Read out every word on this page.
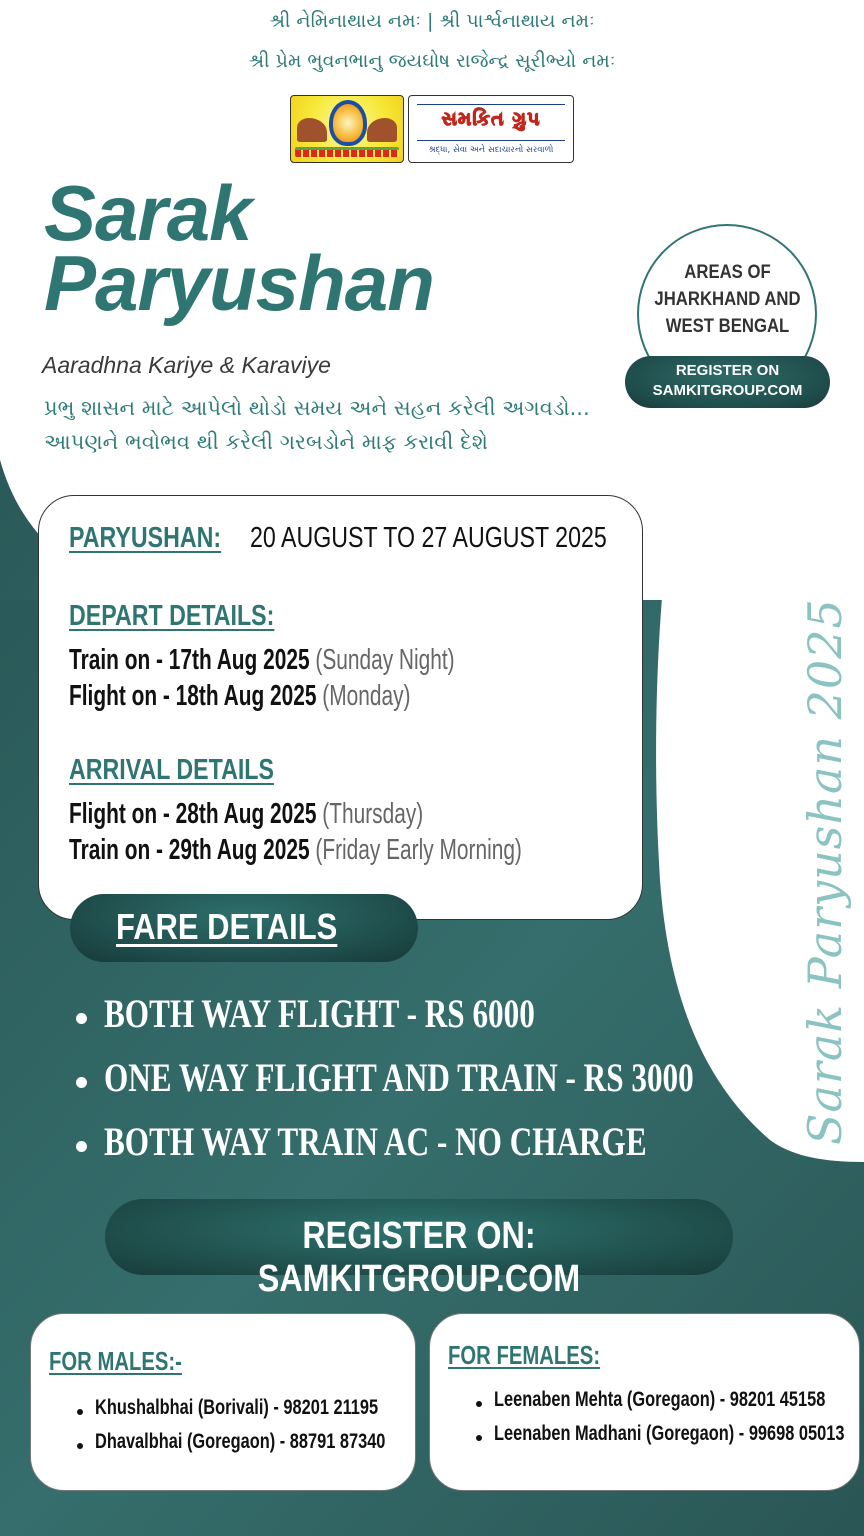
શ્રી નેમિનાથાય નમઃ | શ્રી પાર્શ્વનાથાય નમઃ
શ્રી પ્રેમ ભુવનભાનુ જયઘોષ રાજેન્દ્ર સૂરીભ્યો નમઃ
સમકિત ગ્રુપ
શ્રદ્ધા, સેવા અને સદાચારનો સરવાળો
Sarak
Paryushan
Aaradhna Kariye & Karaviye
પ્રભુ શાસન માટે આપેલો થોડો સમય અને સહન કરેલી અગવડો...
આપણને ભવોભવ થી કરેલી ગરબડોને માફ કરાવી દેશે
AREAS OF
JHARKHAND AND
WEST BENGAL
REGISTER ON
SAMKITGROUP.COM
PARYUSHAN: 20 AUGUST TO 27 AUGUST 2025
DEPART DETAILS:
Train on - 17th Aug 2025 (Sunday Night)
Flight on - 18th Aug 2025 (Monday)
ARRIVAL DETAILS
Flight on - 28th Aug 2025 (Thursday)
Train on - 29th Aug 2025 (Friday Early Morning)
FARE DETAILS
BOTH WAY FLIGHT - RS 6000
ONE WAY FLIGHT AND TRAIN - RS 3000
BOTH WAY TRAIN AC - NO CHARGE	Sarak Paryushan 2025
REGISTER ON: SAMKITGROUP.COM
FOR MALES:-
Khushalbhai (Borivali) - 98201 21195
Dhavalbhai (Goregaon) - 88791 87340
FOR FEMALES:
Leenaben Mehta (Goregaon) - 98201 45158
Leenaben Madhani (Goregaon) - 99698 05013
